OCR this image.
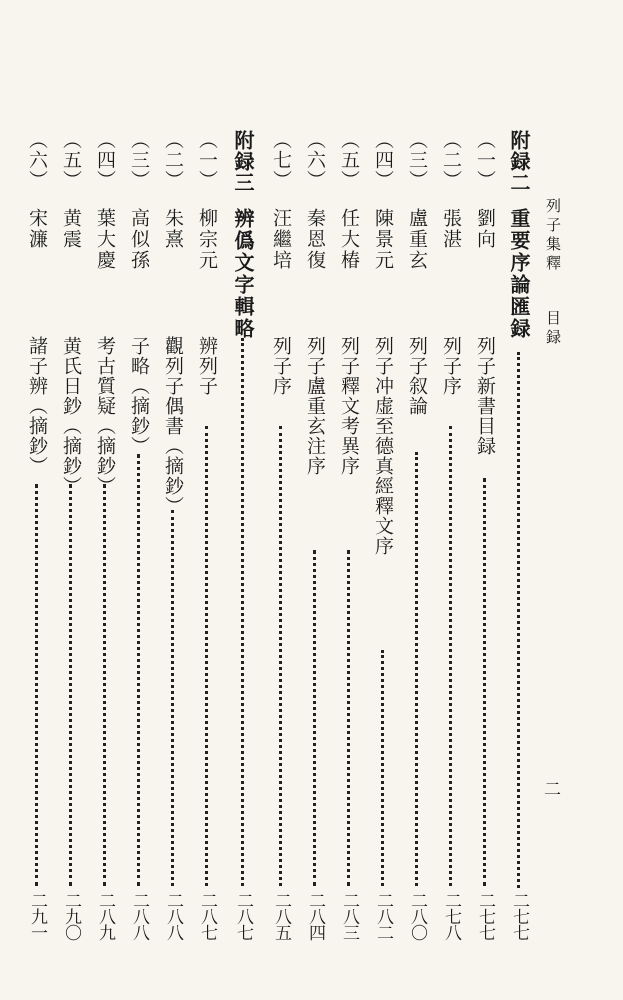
列子集釋  目録
二
附録二
重要序論匯録
二七七
（一）
劉向
列子新書目録
二七七
（二）
張湛
列子序
二七八
（三）
盧重玄
列子叙論
二八〇
（四）
陳景元
列子冲虚至德真經釋文序
二八二
（五）
任大椿
列子釋文考異序
二八三
（六）
秦恩復
列子盧重玄注序
二八四
（七）
汪繼培
列子序
二八五
附録三
辨僞文字輯略
二八七
（一）
柳宗元
辨列子
二八七
（二）
朱熹
觀列子偶書（摘鈔）
二八八
（三）
高似孫
子略（摘鈔）
二八八
（四）
葉大慶
考古質疑（摘鈔）
二八九
（五）
黄震
黄氏日鈔（摘鈔）
二九〇
（六）
宋濂
諸子辨（摘鈔）
二九一
